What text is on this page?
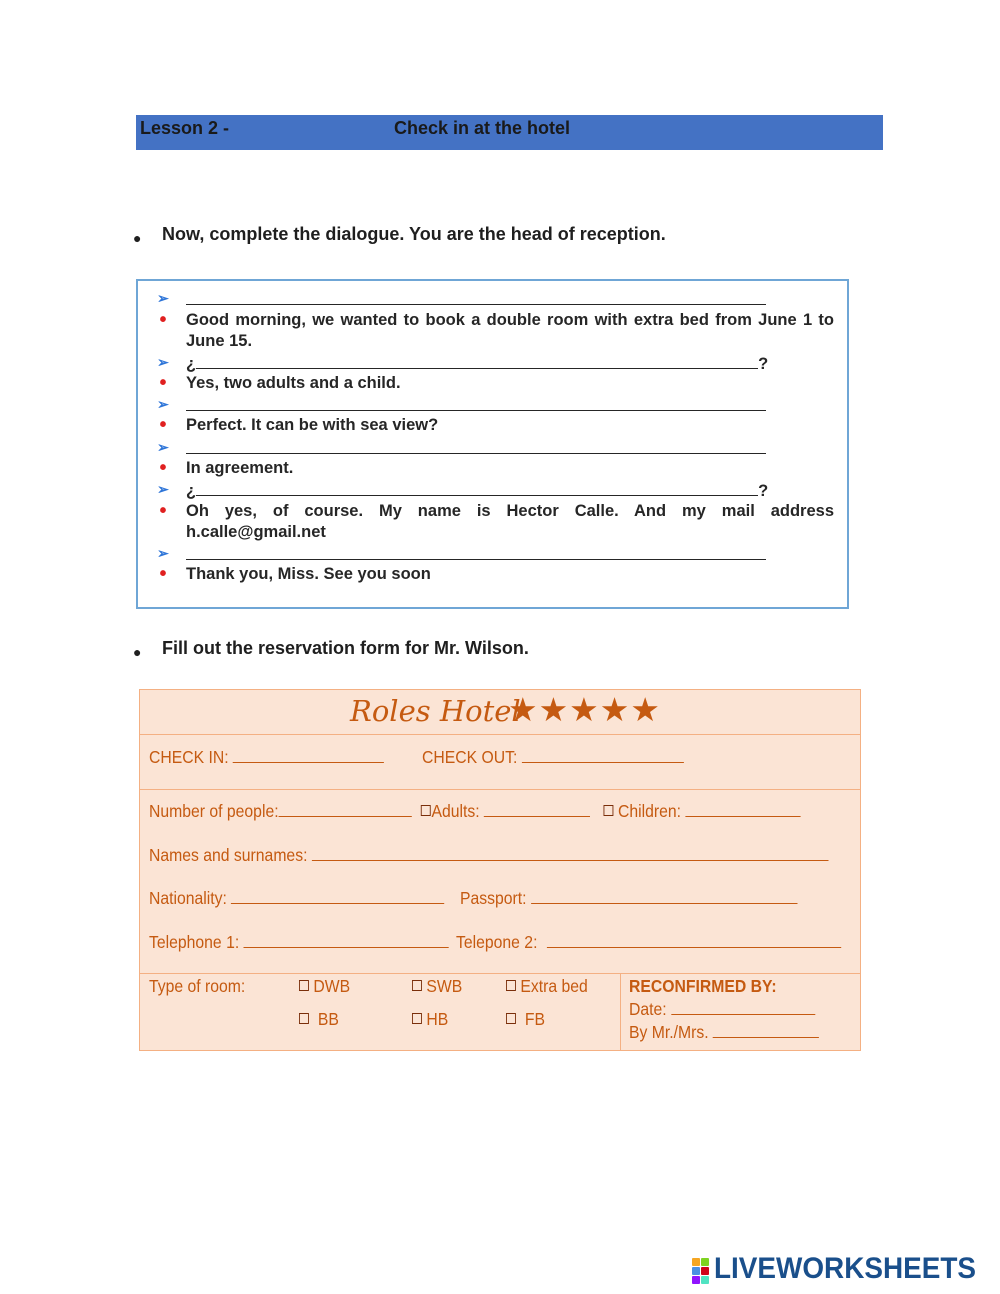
Lesson 2 -	Check in at the hotel
● Now, complete the dialogue. You are the head of reception.
➢
• Good morning, we wanted to book a double room with extra bed from June 1 to June 15.
➢ ¿	?
• Yes, two adults and a child.
➢
• Perfect. It can be with sea view?
➢
• In agreement.
➢ ¿	?
• Oh yes, of course. My name is Hector Calle. And my mail address h.calle@gmail.net
➢
• Thank you, Miss. See you soon
● Fill out the reservation form for Mr. Wilson.
Roles Hotel
★★★★★
CHECK IN:	CHECK OUT:
Number of people:	Adults:	Children:
Names and surnames:
Nationality:	Passport:
Telephone 1:	Telepone 2:
Type of room:	DWB	SWB	Extra bed
BB	HB	FB
RECONFIRMED BY:
Date:
By Mr./Mrs.
LIVEWORKSHEETS
